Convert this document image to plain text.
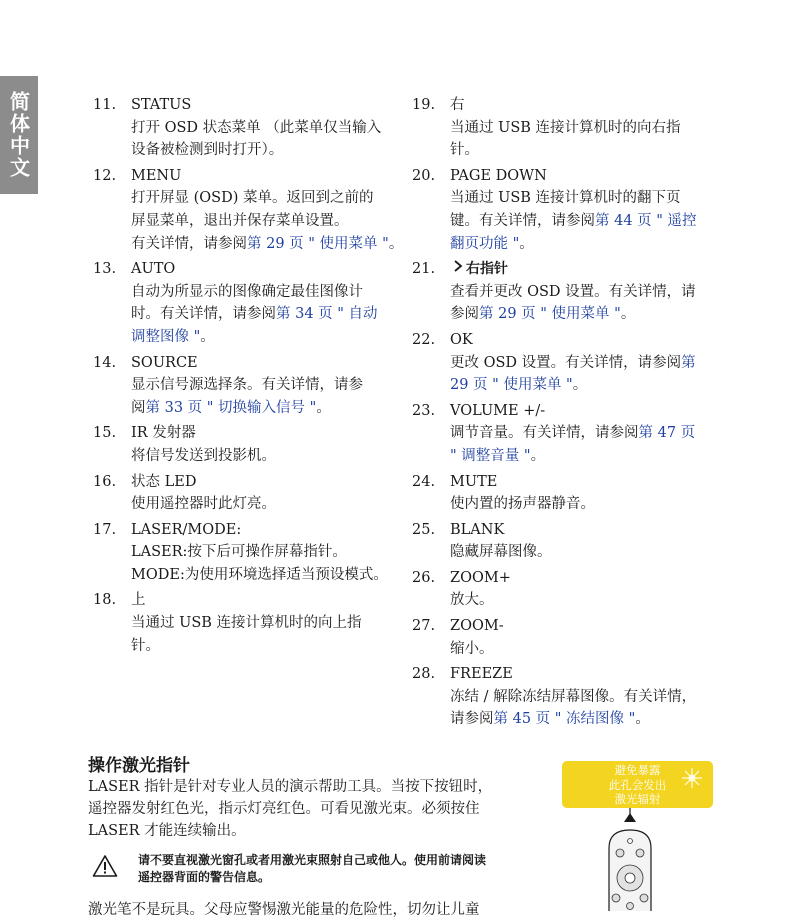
简体中文	11. STATUS
打开 OSD 状态菜单 （此菜单仅当输入
设备被检测到时打开）。
12. MENU
打开屏显 (OSD) 菜单。返回到之前的
屏显菜单，退出并保存菜单设置。
有关详情，请参阅第 29 页 " 使用菜单 "。
13. AUTO
自动为所显示的图像确定最佳图像计
时。有关详情，请参阅第 34 页 " 自动
调整图像 "。
14. SOURCE
显示信号源选择条。有关详情，请参
阅第 33 页 " 切换输入信号 "。
15. IR 发射器
将信号发送到投影机。
16. 状态 LED
使用遥控器时此灯亮。
17. LASER/MODE:
LASER: 按下后可操作屏幕指针。
MODE: 为使用环境选择适当预设模式。
18. 上
当通过 USB 连接计算机时的向上指
针。
19. 右
当通过 USB 连接计算机时的向右指
针。
20. PAGE DOWN
当通过 USB 连接计算机时的翻下页
键。有关详情，请参阅第 44 页 " 遥控
翻页功能 "。
21.	右指针
查看并更改 OSD 设置。有关详情，请
参阅第 29 页 " 使用菜单 "。
22. OK
更改 OSD 设置。有关详情，请参阅第
29 页 " 使用菜单 "。
23. VOLUME +/-
调节音量。有关详情，请参阅第 47 页
" 调整音量 "。
24. MUTE
使内置的扬声器静音。
25. BLANK
隐藏屏幕图像。
26. ZOOM+
放大。
27. ZOOM-
缩小。
28. FREEZE
冻结 / 解除冻结屏幕图像。有关详情，
请参阅第 45 页 " 冻结图像 "。
操作激光指针
LASER 指针是针对专业人员的演示帮助工具。当按下按钮时，
遥控器发射红色光，指示灯亮红色。可看见激光束。必须按住
LASER 才能连续输出。
请不要直视激光窗孔或者用激光束照射自己或他人。使用前请阅读
遥控器背面的警告信息。
激光笔不是玩具。父母应警惕激光能量的危险性，切勿让儿童
避免暴露
此孔会发出
激光辐射
